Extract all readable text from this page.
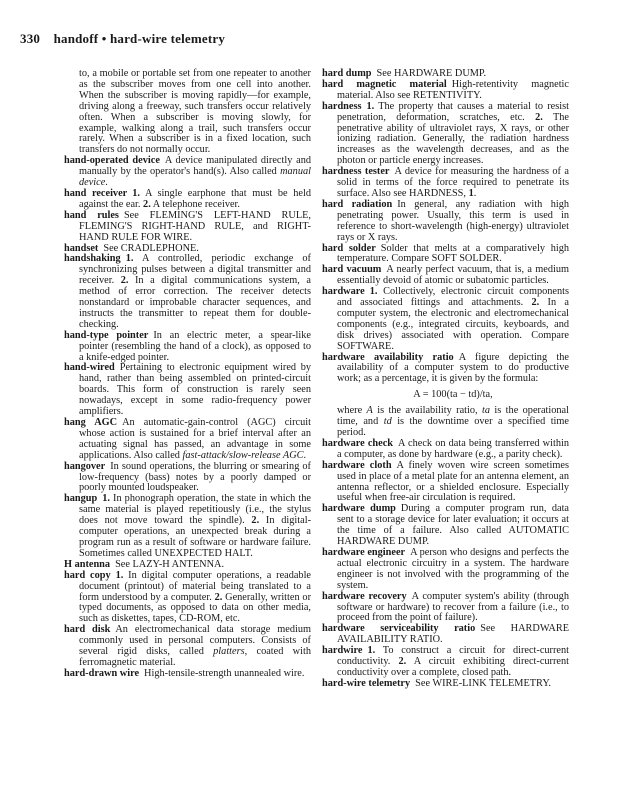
330 handoff • hard-wire telemetry

to, a mobile or portable set from one repeater to another as the subscriber moves from one cell into another. When the subscriber is moving rapidly—for example, driving along a freeway, such transfers occur relatively often. When a subscriber is moving slowly, for example, walking along a trail, such transfers occur rarely. When a subscriber is in a fixed location, such transfers do not normally occur.

hand-operated device A device manipulated directly and manually by the operator's hand(s). Also called manual device.

hand receiver 1. A single earphone that must be held against the ear. 2. A telephone receiver.

hand rules See FLEMING'S LEFT-HAND RULE, FLEMING'S RIGHT-HAND RULE, and RIGHT-HAND RULE FOR WIRE.

handset See CRADLEPHONE.

handshaking 1. A controlled, periodic exchange of synchronizing pulses between a digital transmitter and receiver. 2. In a digital communications system, a method of error correction. The receiver detects nonstandard or improbable character sequences, and instructs the transmitter to repeat them for double-checking.

hand-type pointer In an electric meter, a spear-like pointer (resembling the hand of a clock), as opposed to a knife-edged pointer.

hand-wired Pertaining to electronic equipment wired by hand, rather than being assembled on printed-circuit boards. This form of construction is rarely seen nowadays, except in some radio-frequency power amplifiers.

hang AGC An automatic-gain-control (AGC) circuit whose action is sustained for a brief interval after an actuating signal has passed, an advantage in some applications. Also called fast-attack/slow-release AGC.

hangover In sound operations, the blurring or smearing of low-frequency (bass) notes by a poorly damped or poorly mounted loudspeaker.

hangup 1. In phonograph operation, the state in which the same material is played repetitiously (i.e., the stylus does not move toward the spindle). 2. In digital-computer operations, an unexpected break during a program run as a result of software or hardware failure. Sometimes called UNEXPECTED HALT.

H antenna See LAZY-H ANTENNA.

hard copy 1. In digital computer operations, a readable document (printout) of material being translated to a form understood by a computer. 2. Generally, written or typed documents, as opposed to data on other media, such as diskettes, tapes, CD-ROM, etc.

hard disk An electromechanical data storage medium commonly used in personal computers. Consists of several rigid disks, called platters, coated with ferromagnetic material.

hard-drawn wire High-tensile-strength unannealed wire.

hard dump See HARDWARE DUMP.

hard magnetic material High-retentivity magnetic material. Also see RETENTIVITY.

hardness 1. The property that causes a material to resist penetration, deformation, scratches, etc. 2. The penetrative ability of ultraviolet rays, X rays, or other ionizing radiation. Generally, the radiation hardness increases as the wavelength decreases, and as the photon or particle energy increases.

hardness tester A device for measuring the hardness of a solid in terms of the force required to penetrate its surface. Also see HARDNESS, 1.

hard radiation In general, any radiation with high penetrating power. Usually, this term is used in reference to short-wavelength (high-energy) ultraviolet rays or X rays.

hard solder Solder that melts at a comparatively high temperature. Compare SOFT SOLDER.

hard vacuum A nearly perfect vacuum, that is, a medium essentially devoid of atomic or subatomic particles.

hardware 1. Collectively, electronic circuit components and associated fittings and attachments. 2. In a computer system, the electronic and electromechanical components (e.g., integrated circuits, keyboards, and disk drives) associated with operation. Compare SOFTWARE.

hardware availability ratio A figure depicting the availability of a computer system to do productive work; as a percentage, it is given by the formula:
A = 100(ta − td)/ta,
where A is the availability ratio, ta is the operational time, and td is the downtime over a specified time period.

hardware check A check on data being transferred within a computer, as done by hardware (e.g., a parity check).

hardware cloth A finely woven wire screen sometimes used in place of a metal plate for an antenna element, an antenna reflector, or a shielded enclosure. Especially useful when free-air circulation is required.

hardware dump During a computer program run, data sent to a storage device for later evaluation; it occurs at the time of a failure. Also called AUTOMATIC HARDWARE DUMP.

hardware engineer A person who designs and perfects the actual electronic circuitry in a system. The hardware engineer is not involved with the programming of the system.

hardware recovery A computer system's ability (through software or hardware) to recover from a failure (i.e., to proceed from the point of failure).

hardware serviceability ratio See HARDWARE AVAILABILITY RATIO.

hardwire 1. To construct a circuit for direct-current conductivity. 2. A circuit exhibiting direct-current conductivity over a complete, closed path.

hard-wire telemetry See WIRE-LINK TELEMETRY.
